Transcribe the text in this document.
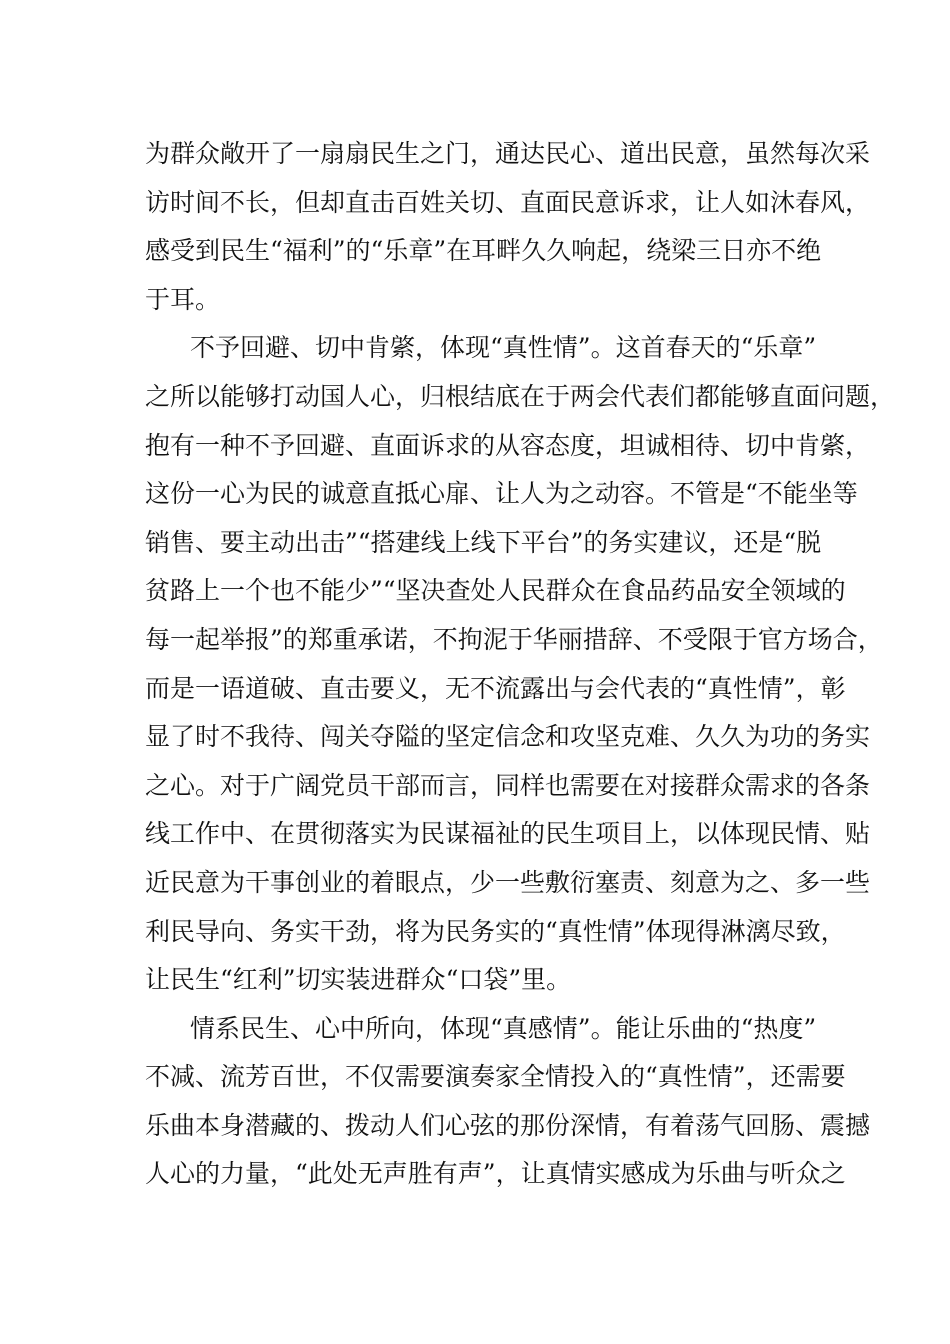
为群众敞开了一扇扇民生之门，通达民心、道出民意，虽然每次采
访时间不长，但却直击百姓关切、直面民意诉求，让人如沐春风，
感受到民生“福利”的“乐章”在耳畔久久响起，绕梁三日亦不绝
于耳。
不予回避、切中肯綮，体现“真性情”。这首春天的“乐章”
之所以能够打动国人心，归根结底在于两会代表们都能够直面问题，
抱有一种不予回避、直面诉求的从容态度，坦诚相待、切中肯綮，
这份一心为民的诚意直抵心扉、让人为之动容。不管是“不能坐等
销售、要主动出击”“搭建线上线下平台”的务实建议，还是“脱
贫路上一个也不能少”“坚决查处人民群众在食品药品安全领域的
每一起举报”的郑重承诺，不拘泥于华丽措辞、不受限于官方场合，
而是一语道破、直击要义，无不流露出与会代表的“真性情”，彰
显了时不我待、闯关夺隘的坚定信念和攻坚克难、久久为功的务实
之心。对于广阔党员干部而言，同样也需要在对接群众需求的各条
线工作中、在贯彻落实为民谋福祉的民生项目上，以体现民情、贴
近民意为干事创业的着眼点，少一些敷衍塞责、刻意为之、多一些
利民导向、务实干劲，将为民务实的“真性情”体现得淋漓尽致，
让民生“红利”切实装进群众“口袋”里。
情系民生、心中所向，体现“真感情”。能让乐曲的“热度”
不减、流芳百世，不仅需要演奏家全情投入的“真性情”，还需要
乐曲本身潜藏的、拨动人们心弦的那份深情，有着荡气回肠、震撼
人心的力量，“此处无声胜有声”，让真情实感成为乐曲与听众之
